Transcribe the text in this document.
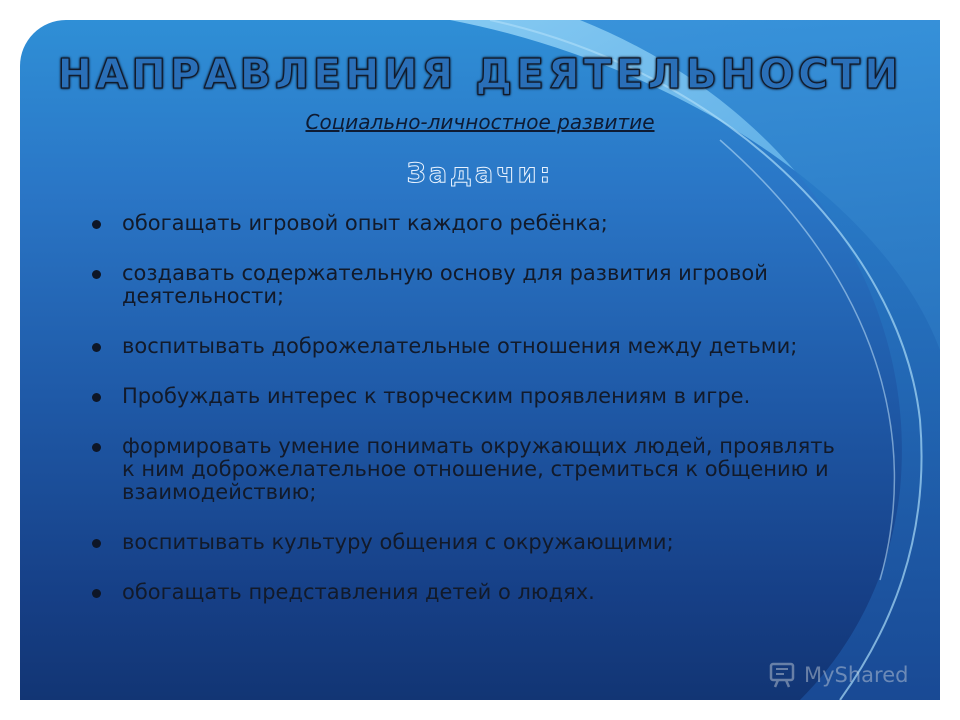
НАПРАВЛЕНИЯ ДЕЯТЕЛЬНОСТИ
Социально-личностное развитие
Задачи:
обогащать игровой опыт каждого ребёнка;
создавать содержательную основу для развития игровой деятельности;
воспитывать доброжелательные отношения между детьми;
Пробуждать интерес к творческим проявлениям в игре.
формировать умение понимать окружающих людей, проявлять к ним доброжелательное отношение, стремиться к общению и взаимодействию;
воспитывать культуру общения с окружающими;
обогащать представления детей о людях.
MyShared
